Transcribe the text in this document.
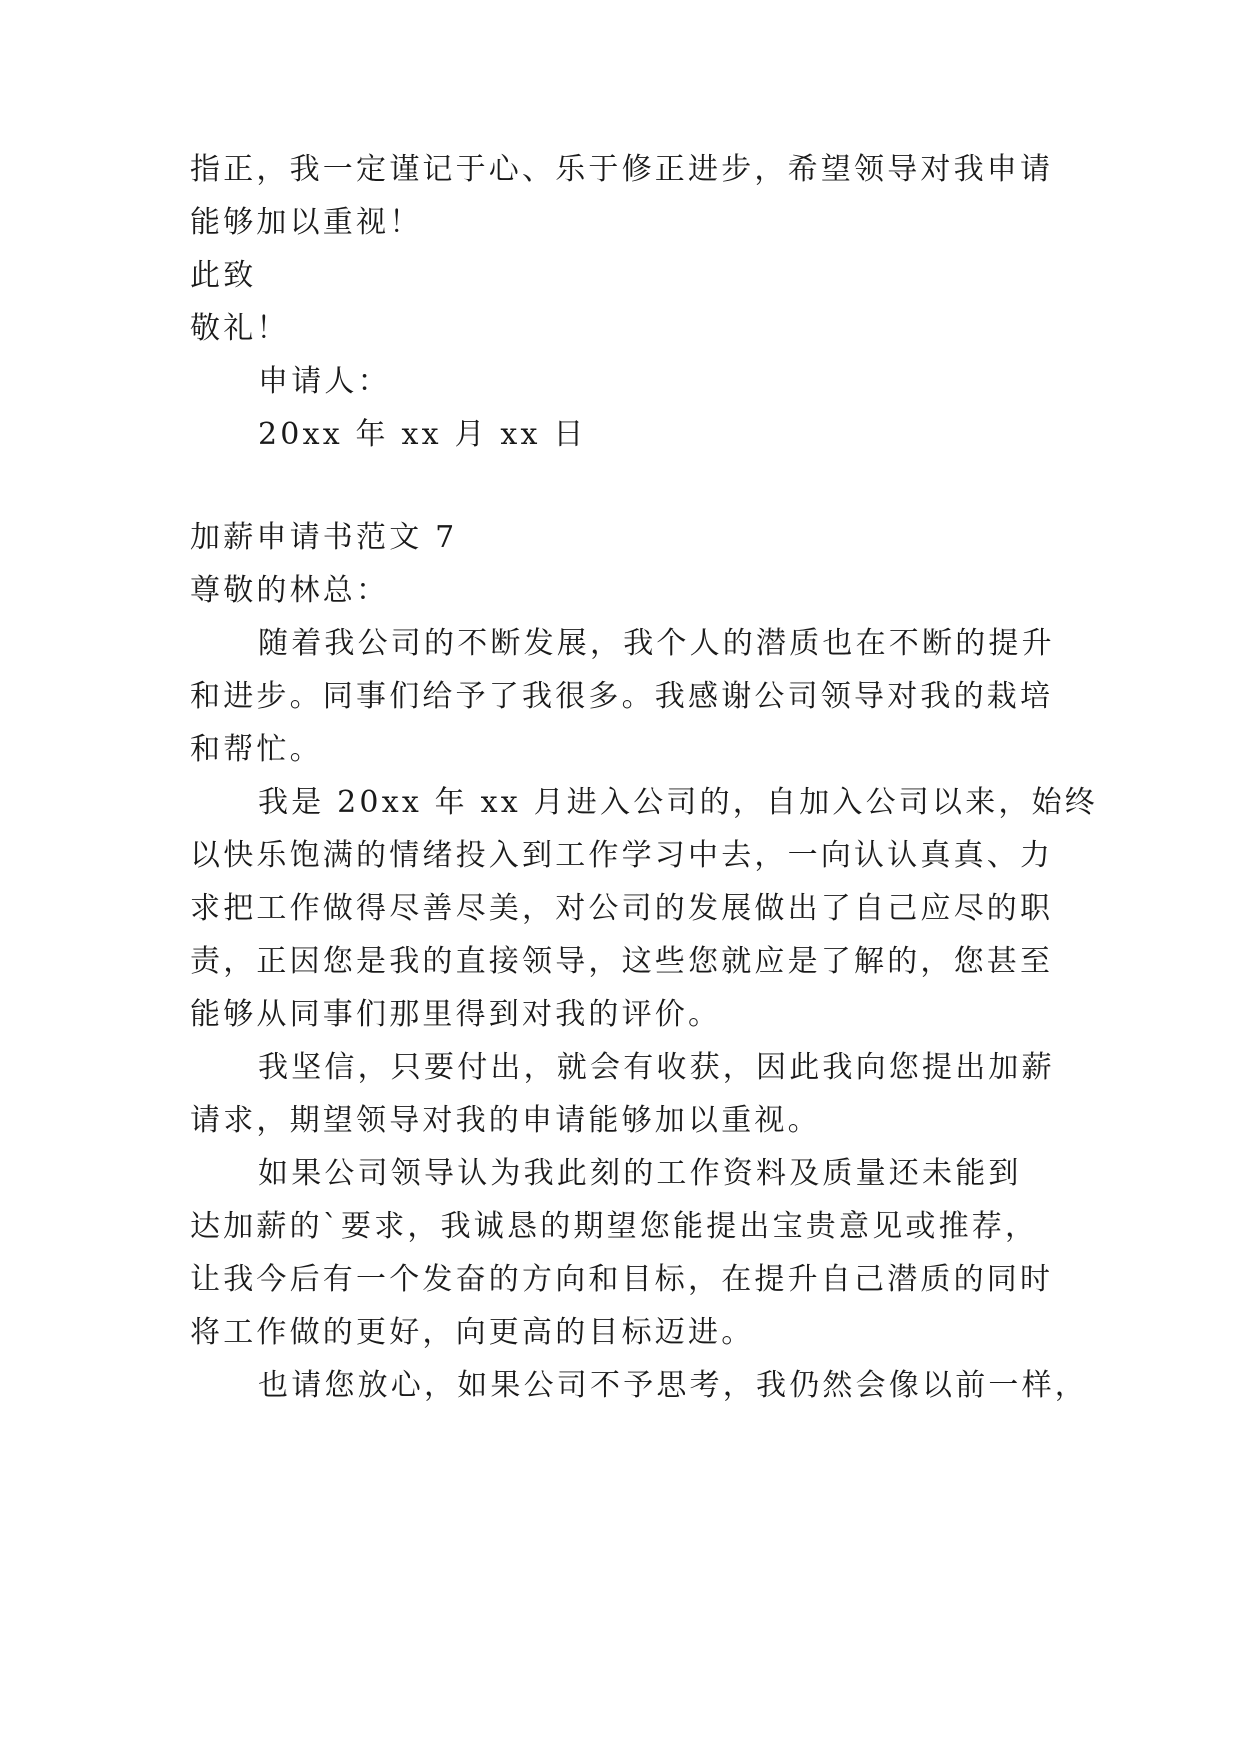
指正，我一定谨记于心、乐于修正进步，希望领导对我申请
能够加以重视！
此致
敬礼！
申请人：
20xx 年 xx 月 xx 日
加薪申请书范文 7
尊敬的林总：
随着我公司的不断发展，我个人的潜质也在不断的提升
和进步。同事们给予了我很多。我感谢公司领导对我的栽培
和帮忙。
我是 20xx 年 xx 月进入公司的，自加入公司以来，始终
以快乐饱满的情绪投入到工作学习中去，一向认认真真、力
求把工作做得尽善尽美，对公司的发展做出了自己应尽的职
责，正因您是我的直接领导，这些您就应是了解的，您甚至
能够从同事们那里得到对我的评价。
我坚信，只要付出，就会有收获，因此我向您提出加薪
请求，期望领导对我的申请能够加以重视。
如果公司领导认为我此刻的工作资料及质量还未能到
达加薪的`要求，我诚恳的期望您能提出宝贵意见或推荐，
让我今后有一个发奋的方向和目标，在提升自己潜质的同时
将工作做的更好，向更高的目标迈进。
也请您放心，如果公司不予思考，我仍然会像以前一样，
